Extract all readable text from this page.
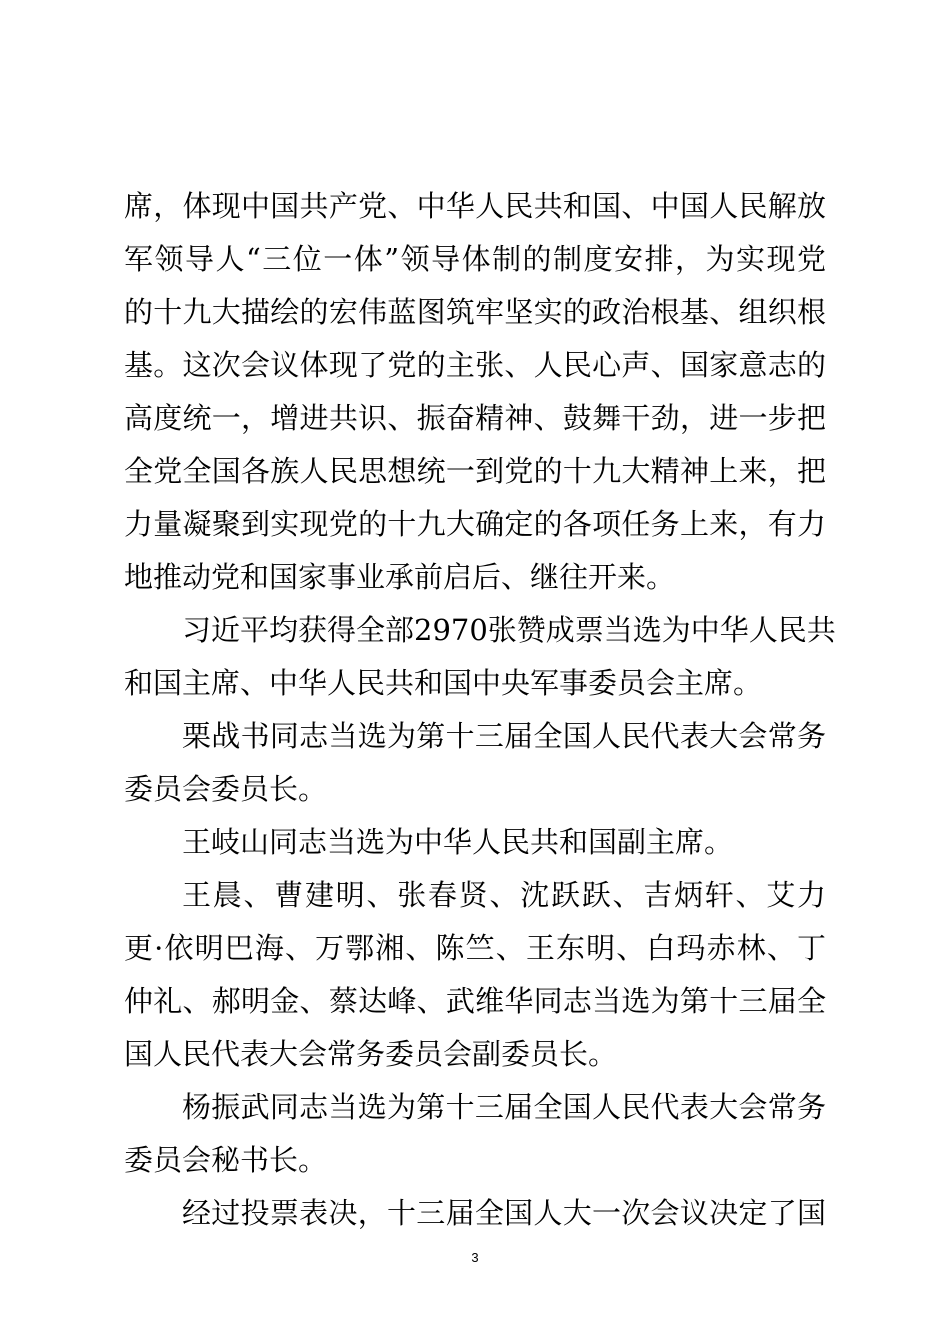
席，体现中国共产党、中华人民共和国、中国人民解放
军领导人“三位一体”领导体制的制度安排，为实现党
的十九大描绘的宏伟蓝图筑牢坚实的政治根基、组织根
基。这次会议体现了党的主张、人民心声、国家意志的
高度统一，增进共识、振奋精神、鼓舞干劲，进一步把
全党全国各族人民思想统一到党的十九大精神上来，把
力量凝聚到实现党的十九大确定的各项任务上来，有力
地推动党和国家事业承前启后、继往开来。
习近平均获得全部2970张赞成票当选为中华人民共
和国主席、中华人民共和国中央军事委员会主席。
栗战书同志当选为第十三届全国人民代表大会常务
委员会委员长。
王岐山同志当选为中华人民共和国副主席。
王晨、曹建明、张春贤、沈跃跃、吉炳轩、艾力
更·依明巴海、万鄂湘、陈竺、王东明、白玛赤林、丁
仲礼、郝明金、蔡达峰、武维华同志当选为第十三届全
国人民代表大会常务委员会副委员长。
杨振武同志当选为第十三届全国人民代表大会常务
委员会秘书长。
经过投票表决，十三届全国人大一次会议决定了国
3
